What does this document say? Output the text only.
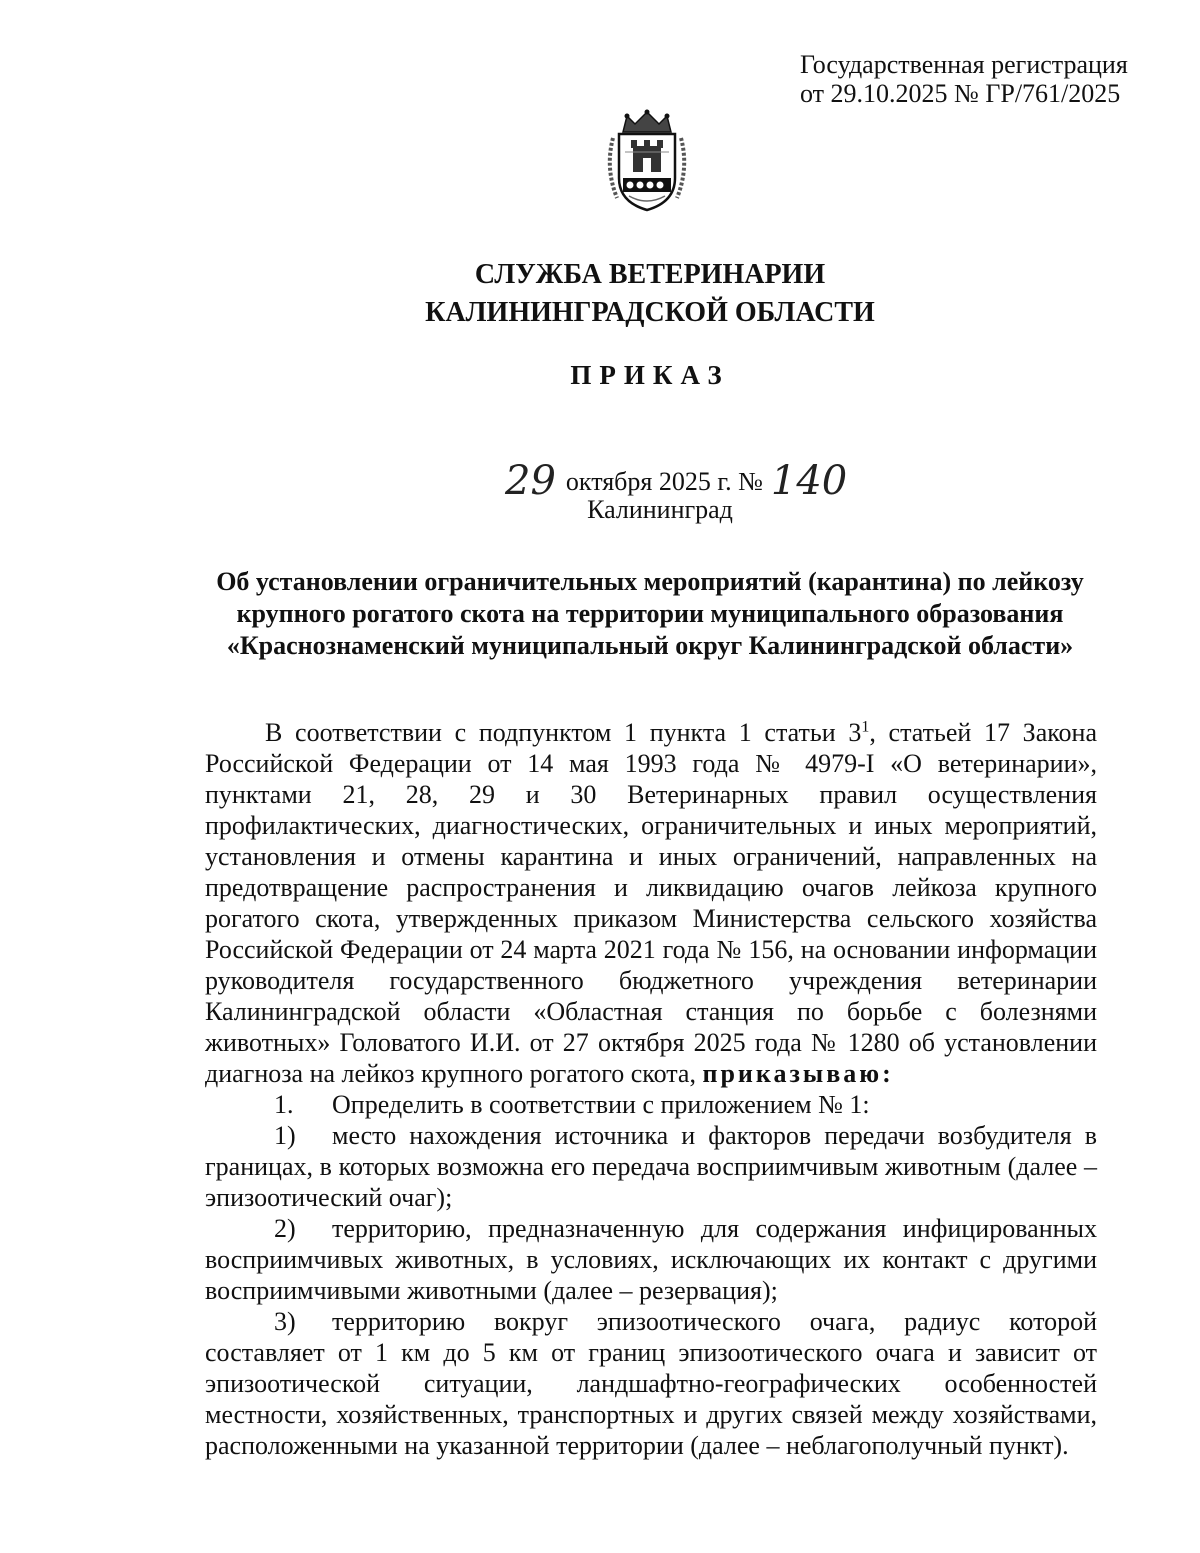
Государственная регистрация
от 29.10.2025 № ГР/761/2025
СЛУЖБА ВЕТЕРИНАРИИ
КАЛИНИНГРАДСКОЙ ОБЛАСТИ
ПРИКАЗ
29 октября 2025 г. № 140
Калининград
Об установлении ограничительных мероприятий (карантина) по лейкозу
крупного рогатого скота на территории муниципального образования
«Краснознаменский муниципальный округ Калининградской области»

В соответствии с подпунктом 1 пункта 1 статьи $3^1$, статьей 17 Закона Российской Федерации от 14 мая 1993 года № 4979-I «О ветеринарии», пунктами 21, 28, 29 и 30 Ветеринарных правил осуществления профилактических, диагностических, ограничительных и иных мероприятий, установления и отмены карантина и иных ограничений, направленных на предотвращение распространения и ликвидацию очагов лейкоза крупного рогатого скота, утвержденных приказом Министерства сельского хозяйства Российской Федерации от 24 марта 2021 года № 156, на основании информации руководителя государственного бюджетного учреждения ветеринарии Калининградской области «Областная станция по борьбе с болезнями животных» Головатого И.И. от 27 октября 2025 года № 1280 об установлении диагноза на лейкоз крупного рогатого скота, приказываю:

1. Определить в соответствии с приложением № 1:

1) место нахождения источника и факторов передачи возбудителя в границах, в которых возможна его передача восприимчивым животным (далее – эпизоотический очаг);

2) территорию, предназначенную для содержания инфицированных восприимчивых животных, в условиях, исключающих их контакт с другими восприимчивыми животными (далее – резервация);

3) территорию вокруг эпизоотического очага, радиус которой составляет от 1 км до 5 км от границ эпизоотического очага и зависит от эпизоотической ситуации, ландшафтно-географических особенностей местности, хозяйственных, транспортных и других связей между хозяйствами, расположенными на указанной территории (далее – неблагополучный пункт).
